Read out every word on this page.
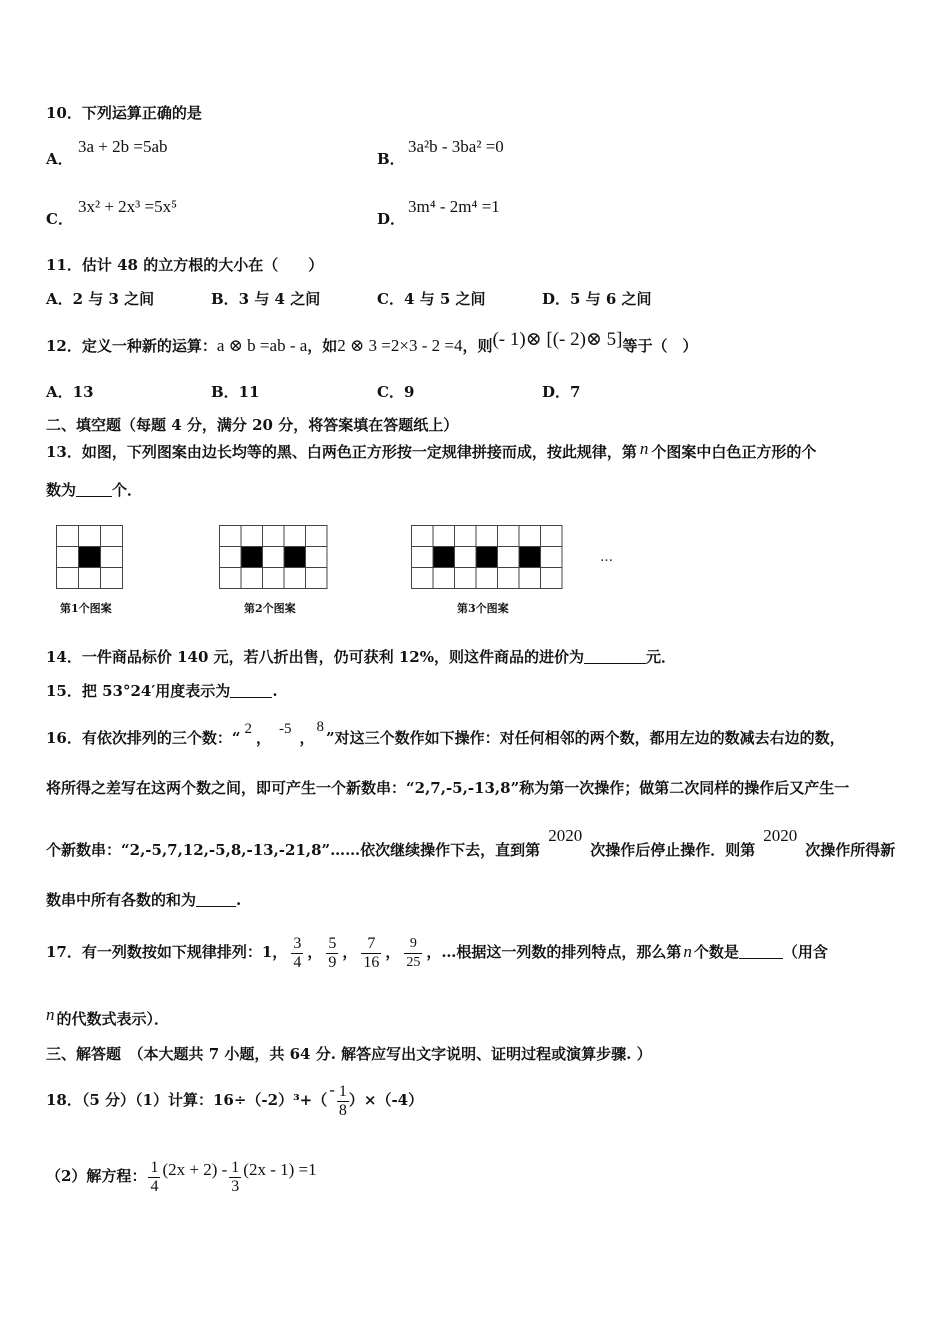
10．下列运算正确的是
A．
3a + 2b =5ab
B．
3a²b - 3ba² =0
C．
3x² + 2x³ =5x⁵
D．
3m⁴ - 2m⁴ =1
11．估计 48 的立方根的大小在（　　）
A．2 与 3 之间	B．3 与 4 之间	C．4 与 5 之间	D．5 与 6 之间
12．定义一种新的运算：a ⊗ b =ab - a，如2 ⊗ 3 =2×3 - 2 =4，则(- 1)⊗ [(- 2)⊗ 5]等于（　）
A．13	B．11	C．9	D．7
二、填空题（每题 4 分，满分 20 分，将答案填在答题纸上）
13．如图，下列图案由边长均等的黑、白两色正方形按一定规律拼接而成，按此规律，第 n 个图案中白色正方形的个
数为 个．
第1个图案	第2个图案	第3个图案
…
14．一件商品标价 140 元，若八折出售，仍可获利 12%，则这件商品的进价为	元．
15．把 53°24′用度表示为	.
16．有依次排列的三个数：“ 2 ， -5 ，8”对这三个数作如下操作：对任何相邻的两个数，都用左边的数减去右边的数，
将所得之差写在这两个数之间，即可产生一个新数串：“2,7,-5,-13,8”称为第一次操作；做第二次同样的操作后又产生一
个新数串：“2,-5,7,12,-5,8,-13,-21,8”……依次继续操作下去，直到第2020次操作后停止操作．则第2020次操作所得新
数串中所有各数的和为	.
17．有一列数按如下规律排列：1， $\frac{3}{4}$ ， $\frac{5}{9}$ ， $\frac{7}{16}$ ， $\frac{9}{25}$ ，…根据这一列数的排列特点，那么第 n 个数是	（用含
n 的代数式表示）．
三、解答题　（本大题共 7 小题，共 64 分. 解答应写出文字说明、证明过程或演算步骤. ）
18．（5 分）（1）计算：$16\div(-2)^3+(- \frac{1}{8} )\times(-4)$
（2）解方程： $\frac{1}{4} (2x + 2) - \frac{1}{3} (2x - 1) =1$
